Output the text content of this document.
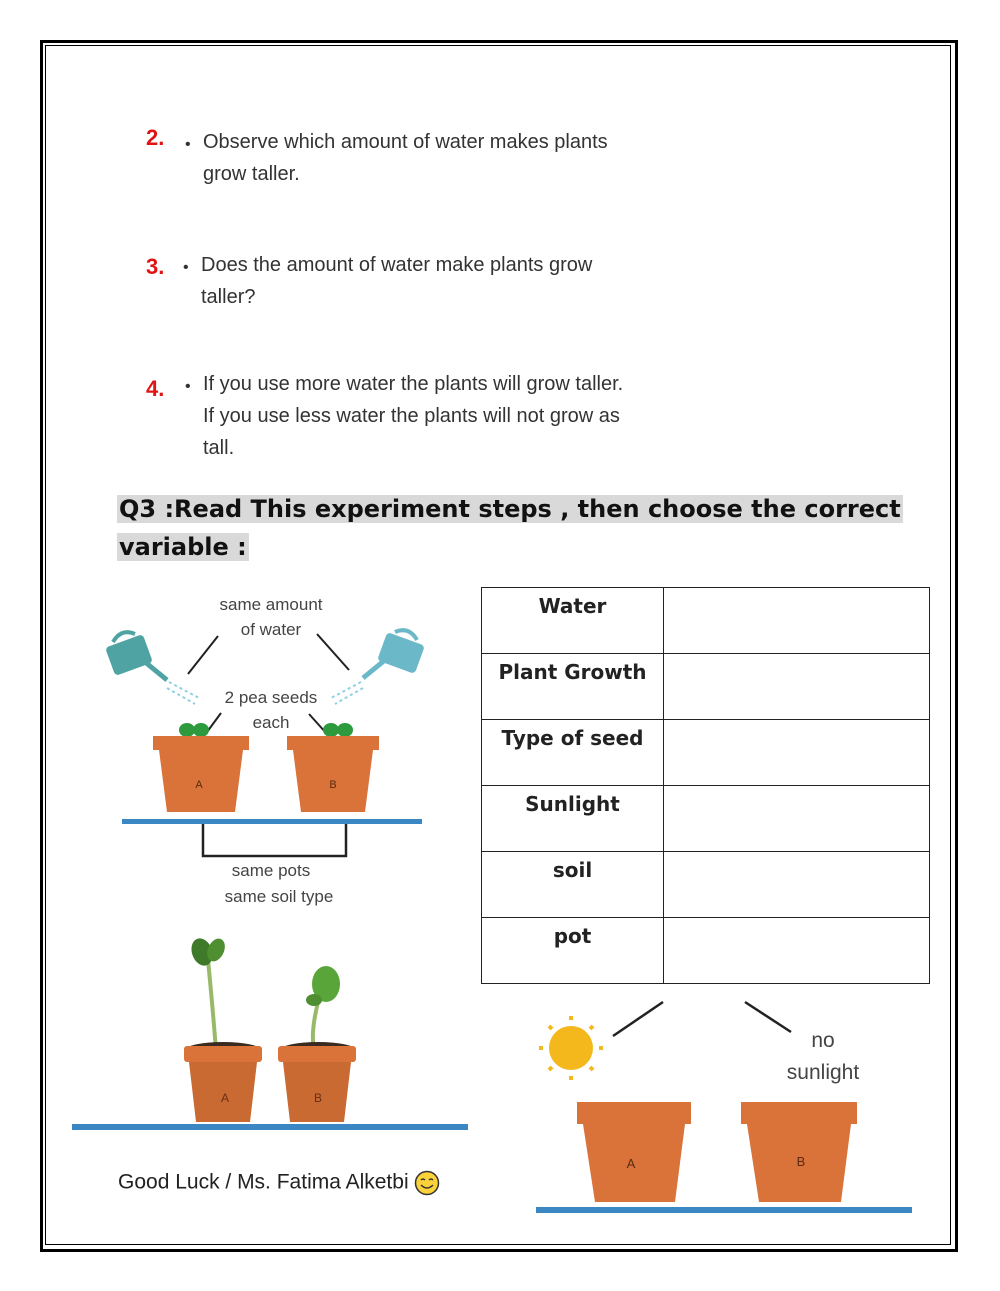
2. • Observe which amount of water makes plants
grow taller.
3. • Does the amount of water make plants grow
taller?
4. • If you use more water the plants will grow taller.
If you use less water the plants will not grow as
tall.
Q3 :Read This experiment steps , then choose the correct
variable :
Water	
Plant Growth	
Type of seed	
Sunlight	
soil	
pot	
same amount
of water
2 pea seeds
each
A	B
same pots
same soil type
A	B
no
sunlight
A	B
Good Luck / Ms. Fatima Alketbi
